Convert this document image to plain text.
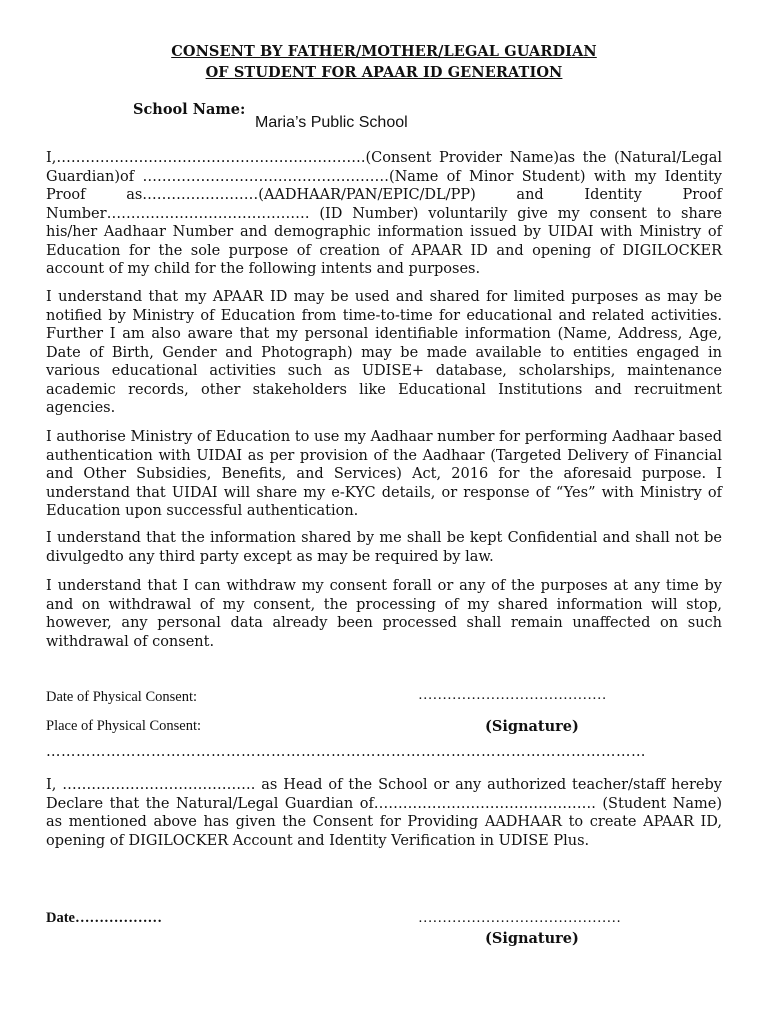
CONSENT BY FATHER/MOTHER/LEGAL GUARDIAN
OF STUDENT FOR APAAR ID GENERATION
School Name:
Maria’s Public School

I,……………………………………………………….(Consent Provider Name)as the (Natural/Legal Guardian)of ……………………………………………(Name of Minor Student) with my Identity Proof as……………………(AADHAAR/PAN/EPIC/DL/PP) and Identity Proof Number…………………………………… (ID Number) voluntarily give my consent to share his/her Aadhaar Number and demographic information issued by UIDAI with Ministry of Education for the sole purpose of creation of APAAR ID and opening of DIGILOCKER account of my child for the following intents and purposes.

I understand that my APAAR ID may be used and shared for limited purposes as may be notified by Ministry of Education from time-to-time for educational and related activities. Further I am also aware that my personal identifiable information (Name, Address, Age, Date of Birth, Gender and Photograph) may be made available to entities engaged in various educational activities such as UDISE+ database, scholarships, maintenance academic records, other stakeholders like Educational Institutions and recruitment agencies.

I authorise Ministry of Education to use my Aadhaar number for performing Aadhaar based authentication with UIDAI as per provision of the Aadhaar (Targeted Delivery of Financial and Other Subsidies, Benefits, and Services) Act, 2016 for the aforesaid purpose. I understand that UIDAI will share my e-KYC details, or response of “Yes” with Ministry of Education upon successful authentication.

I understand that the information shared by me shall be kept Confidential and shall not be divulgedto any third party except as may be required by law.

I understand that I can withdraw my consent forall or any of the purposes at any time by and on withdrawal of my consent, the processing of my shared information will stop, however, any personal data already been processed shall remain unaffected on such withdrawal of consent.

Date of Physical Consent:	…………………………………
Place of Physical Consent:	(Signature)
…………………………………………………………………………………………………………

I, …………………………………. as Head of the School or any authorized teacher/staff hereby Declare that the Natural/Legal Guardian of………………………………………. (Student Name) as mentioned above has given the Consent for Providing AADHAAR to create APAAR ID, opening of DIGILOCKER Account and Identity Verification in UDISE Plus.

Date………………	……………………………………
(Signature)
